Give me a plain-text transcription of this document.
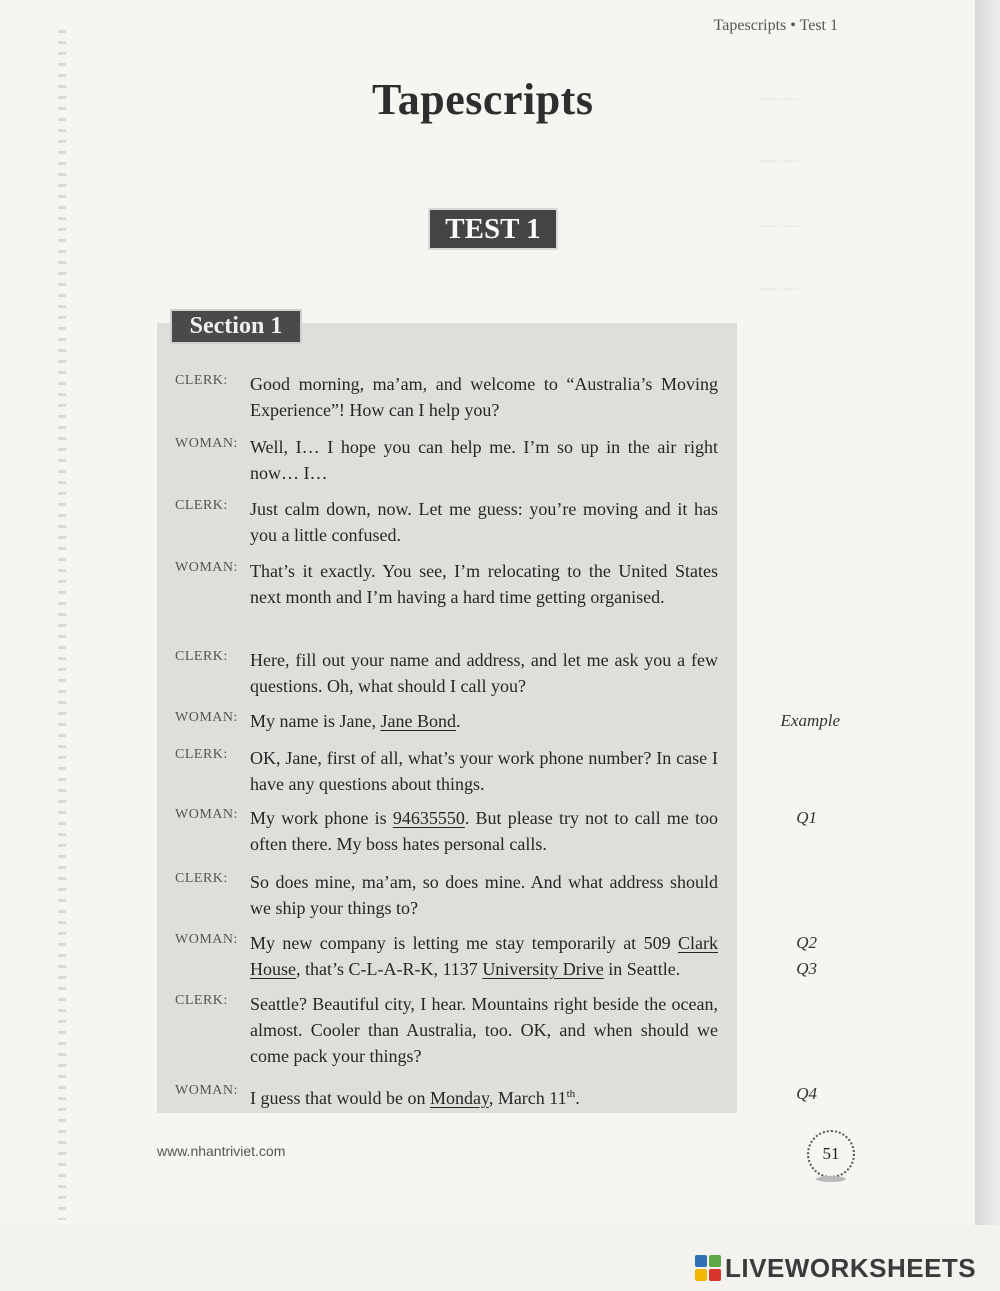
— —
— —
— —
— —
Tapescripts • Test 1
Tapescripts
TEST 1
Section 1
CLERK:	Good morning, ma’am, and welcome to “Australia’s Moving Experience”! How can I help you?
WOMAN: Well, I… I hope you can help me. I’m so up in the air right now… I…
CLERK:	Just calm down, now. Let me guess: you’re moving and it has you a little confused.
WOMAN: That’s it exactly. You see, I’m relocating to the United States next month and I’m having a hard time getting organised.
CLERK:	Here, fill out your name and address, and let me ask you a few questions. Oh, what should I call you?
WOMAN: My name is Jane, Jane Bond.
CLERK:	OK, Jane, first of all, what’s your work phone number? In case I have any questions about things.
WOMAN: My work phone is 94635550. But please try not to call me too often there. My boss hates personal calls.
CLERK:	So does mine, ma’am, so does mine. And what address should we ship your things to?
WOMAN: My new company is letting me stay temporarily at 509 Clark House, that’s C-L-A-R-K, 1137 University Drive in Seattle.
CLERK:	Seattle? Beautiful city, I hear. Mountains right beside the ocean, almost. Cooler than Australia, too. OK, and when should we come pack your things?
WOMAN: I guess that would be on Monday, March 11th.
Example
Q1
Q2
Q3
Q4
www.nhantriviet.com	51
LIVEWORKSHEETS
